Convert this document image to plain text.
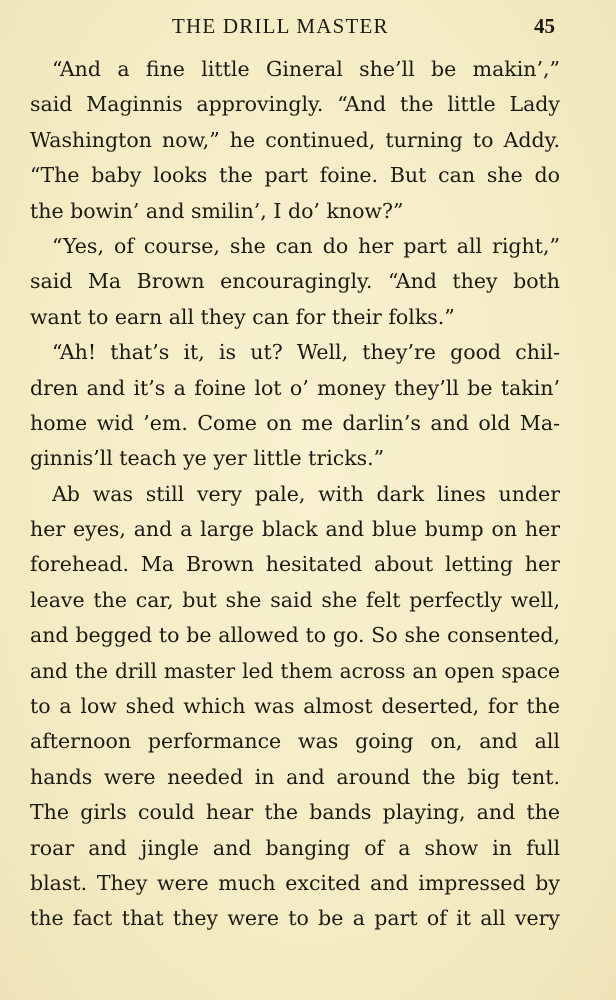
THE DRILL MASTER	45
“And a fine little Gineral she’ll be makin’,”
said Maginnis approvingly. “And the little Lady
Washington now,” he continued, turning to Addy.
“The baby looks the part foine. But can she do
the bowin’ and smilin’, I do’ know?”
“Yes, of course, she can do her part all right,”
said Ma Brown encouragingly. “And they both
want to earn all they can for their folks.”
“Ah! that’s it, is ut? Well, they’re good chil-
dren and it’s a foine lot o’ money they’ll be takin’
home wid ’em. Come on me darlin’s and old Ma-
ginnis’ll teach ye yer little tricks.”
Ab was still very pale, with dark lines under
her eyes, and a large black and blue bump on her
forehead. Ma Brown hesitated about letting her
leave the car, but she said she felt perfectly well,
and begged to be allowed to go. So she consented,
and the drill master led them across an open space
to a low shed which was almost deserted, for the
afternoon performance was going on, and all
hands were needed in and around the big tent.
The girls could hear the bands playing, and the
roar and jingle and banging of a show in full
blast. They were much excited and impressed by
the fact that they were to be a part of it all very
